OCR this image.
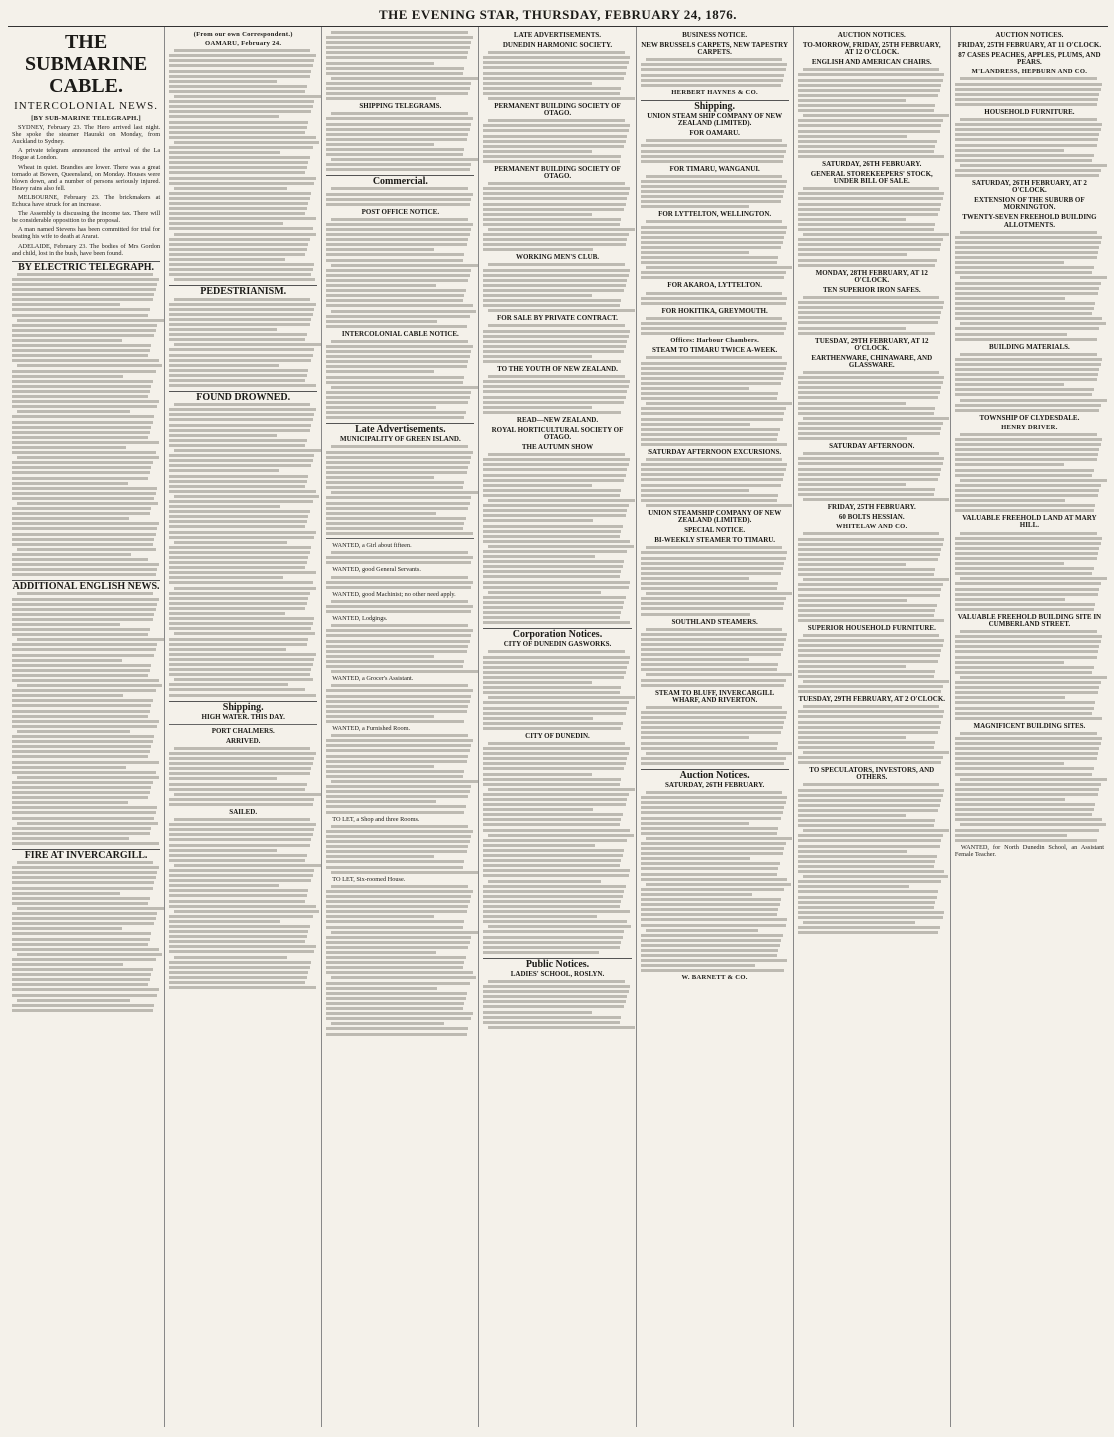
THE EVENING STAR, THURSDAY, FEBRUARY 24, 1876.
THE SUBMARINE CABLE.
INTERCOLONIAL NEWS.
[BY SUB-MARINE TELEGRAPH.]

SYDNEY, February 23. The Hero arrived last night. She spoke the steamer Hauraki on Monday, from Auckland to Sydney.

A private telegram announced the arrival of the La Hogue at London.

Wheat in quiet. Brandies are lower. There was a great tornado at Bowen, Queensland, on Monday. Houses were blown down, and a number of persons seriously injured. Heavy rains also fell.

MELBOURNE, February 23. The brickmakers at Echuca have struck for an increase.

The Assembly is discussing the income tax. There will be considerable opposition to the proposal.

A man named Stevens has been committed for trial for beating his wife to death at Ararat.

ADELAIDE, February 23. The bodies of Mrs Gordon and child, lost in the bush, have been found.

BY ELECTRIC TELEGRAPH.
ADDITIONAL ENGLISH NEWS.
FIRE AT INVERCARGILL.
(From our own Correspondent.)
OAMARU, February 24.
PEDESTRIANISM.
FOUND DROWNED.
Shipping.
HIGH WATER. THIS DAY.
PORT CHALMERS.
ARRIVED.
SAILED.
SHIPPING TELEGRAMS.
Commercial.
POST OFFICE NOTICE.
INTERCOLONIAL CABLE NOTICE.
Late Advertisements.
MUNICIPALITY OF GREEN ISLAND.

WANTED, a Girl about fifteen.

WANTED, good General Servants.

WANTED, good Machinist; no other need apply.

WANTED, Lodgings.

WANTED, a Grocer's Assistant.

WANTED, a Furnished Room.

TO LET, a Shop and three Rooms.

TO LET, Six-roomed House.

LATE ADVERTISEMENTS.
DUNEDIN HARMONIC SOCIETY.
PERMANENT BUILDING SOCIETY OF OTAGO.
PERMANENT BUILDING SOCIETY OF OTAGO.
WORKING MEN'S CLUB.
FOR SALE BY PRIVATE CONTRACT.
TO THE YOUTH OF NEW ZEALAND.
READ—NEW ZEALAND.
ROYAL HORTICULTURAL SOCIETY OF OTAGO.
THE AUTUMN SHOW
Corporation Notices.
CITY OF DUNEDIN GASWORKS.
CITY OF DUNEDIN.
Public Notices.
LADIES' SCHOOL, ROSLYN.
BUSINESS NOTICE.
NEW BRUSSELS CARPETS, NEW TAPESTRY CARPETS.
HERBERT HAYNES & CO.
Shipping.
UNION STEAM SHIP COMPANY OF NEW ZEALAND (LIMITED).
FOR OAMARU.
FOR TIMARU, WANGANUI.
FOR LYTTELTON, WELLINGTON.
FOR AKAROA, LYTTELTON.
FOR HOKITIKA, GREYMOUTH.
Offices: Harbour Chambers.
STEAM TO TIMARU TWICE A-WEEK.
SATURDAY AFTERNOON EXCURSIONS.
UNION STEAMSHIP COMPANY OF NEW ZEALAND (LIMITED).
SPECIAL NOTICE.
BI-WEEKLY STEAMER TO TIMARU.
SOUTHLAND STEAMERS.
STEAM TO BLUFF, INVERCARGILL WHARF, AND RIVERTON.
Auction Notices.
SATURDAY, 26TH FEBRUARY.
W. BARNETT & CO.
AUCTION NOTICES.
TO-MORROW, FRIDAY, 25TH FEBRUARY, AT 12 O'CLOCK.
ENGLISH AND AMERICAN CHAIRS.
SATURDAY, 26TH FEBRUARY.
GENERAL STOREKEEPERS' STOCK, UNDER BILL OF SALE.
MONDAY, 28TH FEBRUARY, AT 12 O'CLOCK.
TEN SUPERIOR IRON SAFES.
TUESDAY, 29TH FEBRUARY, AT 12 O'CLOCK.
EARTHENWARE, CHINAWARE, AND GLASSWARE.
SATURDAY AFTERNOON.
FRIDAY, 25TH FEBRUARY.
60 BOLTS HESSIAN.
WHITELAW AND CO.
SUPERIOR HOUSEHOLD FURNITURE.
TUESDAY, 29TH FEBRUARY, AT 2 O'CLOCK.
TO SPECULATORS, INVESTORS, AND OTHERS.
AUCTION NOTICES.
FRIDAY, 25TH FEBRUARY, AT 11 O'CLOCK.
87 CASES PEACHES, APPLES, PLUMS, AND PEARS.
M'LANDRESS, HEPBURN AND CO.
HOUSEHOLD FURNITURE.
SATURDAY, 26TH FEBRUARY, AT 2 O'CLOCK.
EXTENSION OF THE SUBURB OF MORNINGTON.
TWENTY-SEVEN FREEHOLD BUILDING ALLOTMENTS.
BUILDING MATERIALS.
TOWNSHIP OF CLYDESDALE.
HENRY DRIVER.
VALUABLE FREEHOLD LAND AT MARY HILL.
VALUABLE FREEHOLD BUILDING SITE IN CUMBERLAND STREET.
MAGNIFICENT BUILDING SITES.

WANTED, for North Dunedin School, an Assistant Female Teacher.
